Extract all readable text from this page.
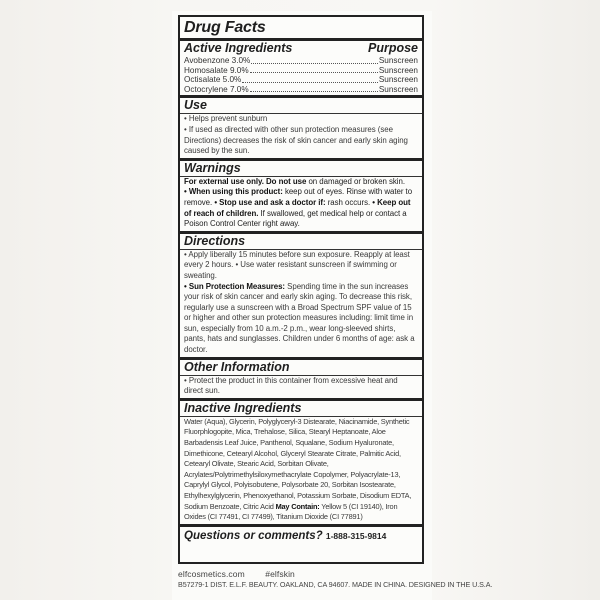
Drug Facts
Active Ingredients	Purpose
Avobenzone 3.0%	Sunscreen
Homosalate 9.0%	Sunscreen
Octisalate 5.0%	Sunscreen
Octocrylene 7.0%	Sunscreen
Use
• Helps prevent sunburn
• If used as directed with other sun protection measures (see Directions) decreases the risk of skin cancer and early skin aging caused by the sun.
Warnings
For external use only. Do not use on damaged or broken skin.
• When using this product: keep out of eyes. Rinse with water to remove. • Stop use and ask a doctor if: rash occurs. • Keep out of reach of children. If swallowed, get medical help or contact a Poison Control Center right away.
Directions
• Apply liberally 15 minutes before sun exposure. Reapply at least every 2 hours. • Use water resistant sunscreen if swimming or sweating.
• Sun Protection Measures: Spending time in the sun increases your risk of skin cancer and early skin aging. To decrease this risk, regularly use a sunscreen with a Broad Spectrum SPF value of 15 or higher and other sun protection measures including: limit time in sun, especially from 10 a.m.-2 p.m., wear long-sleeved shirts, pants, hats and sunglasses. Children under 6 months of age: ask a doctor.
Other Information
• Protect the product in this container from excessive heat and direct sun.
Inactive Ingredients
Water (Aqua), Glycerin, Polyglyceryl-3 Distearate, Niacinamide, Synthetic Fluorphlogopite, Mica, Trehalose, Silica, Stearyl Heptanoate, Aloe Barbadensis Leaf Juice, Panthenol, Squalane, Sodium Hyaluronate, Dimethicone, Cetearyl Alcohol, Glyceryl Stearate Citrate, Palmitic Acid, Cetearyl Olivate, Stearic Acid, Sorbitan Olivate, Acrylates/Polytrimethylsiloxymethacrylate Copolymer, Polyacrylate-13, Caprylyl Glycol, Polyisobutene, Polysorbate 20, Sorbitan Isostearate, Ethylhexylglycerin, Phenoxyethanol, Potassium Sorbate, Disodium EDTA, Sodium Benzoate, Citric Acid May Contain: Yellow 5 (CI 19140), Iron Oxides (CI 77491, CI 77499), Titanium Dioxide (CI 77891)
Questions or comments? 1-888-315-9814
elfcosmetics.com #elfskin
B57279-1 DIST. E.L.F. BEAUTY. OAKLAND, CA 94607. MADE IN CHINA. DESIGNED IN THE U.S.A.
